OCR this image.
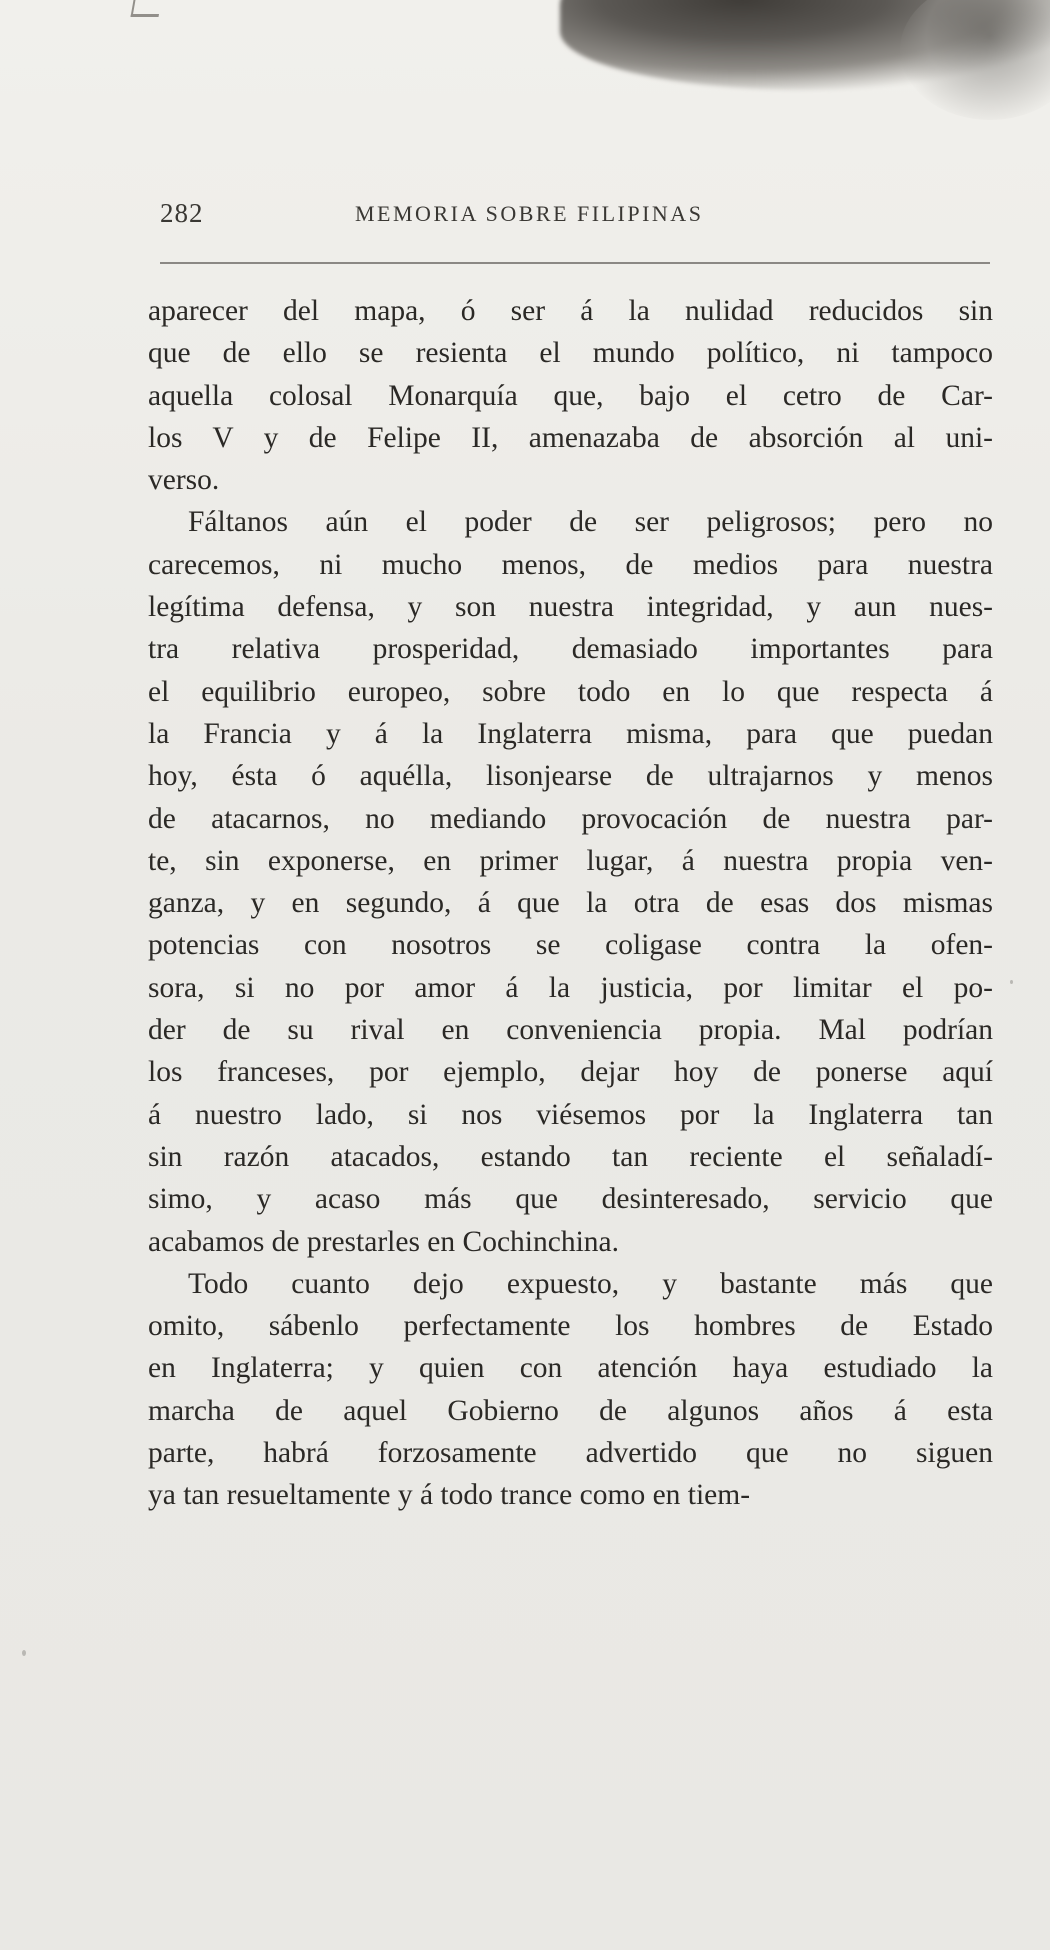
282	MEMORIA SOBRE FILIPINAS
aparecer del mapa, ó ser á la nulidad reducidos sin
que de ello se resienta el mundo político, ni tampoco
aquella colosal Monarquía que, bajo el cetro de Car-
los V y de Felipe II, amenazaba de absorción al uni-
verso.
Fáltanos aún el poder de ser peligrosos; pero no
carecemos, ni mucho menos, de medios para nuestra
legítima defensa, y son nuestra integridad, y aun nues-
tra relativa prosperidad, demasiado importantes para
el equilibrio europeo, sobre todo en lo que respecta á
la Francia y á la Inglaterra misma, para que puedan
hoy, ésta ó aquélla, lisonjearse de ultrajarnos y menos
de atacarnos, no mediando provocación de nuestra par-
te, sin exponerse, en primer lugar, á nuestra propia ven-
ganza, y en segundo, á que la otra de esas dos mismas
potencias con nosotros se coligase contra la ofen-
sora, si no por amor á la justicia, por limitar el po-
der de su rival en conveniencia propia. Mal podrían
los franceses, por ejemplo, dejar hoy de ponerse aquí
á nuestro lado, si nos viésemos por la Inglaterra tan
sin razón atacados, estando tan reciente el señaladí-
simo, y acaso más que desinteresado, servicio que
acabamos de prestarles en Cochinchina.
Todo cuanto dejo expuesto, y bastante más que
omito, sábenlo perfectamente los hombres de Estado
en Inglaterra; y quien con atención haya estudiado la
marcha de aquel Gobierno de algunos años á esta
parte, habrá forzosamente advertido que no siguen
ya tan resueltamente y á todo trance como en tiem-
